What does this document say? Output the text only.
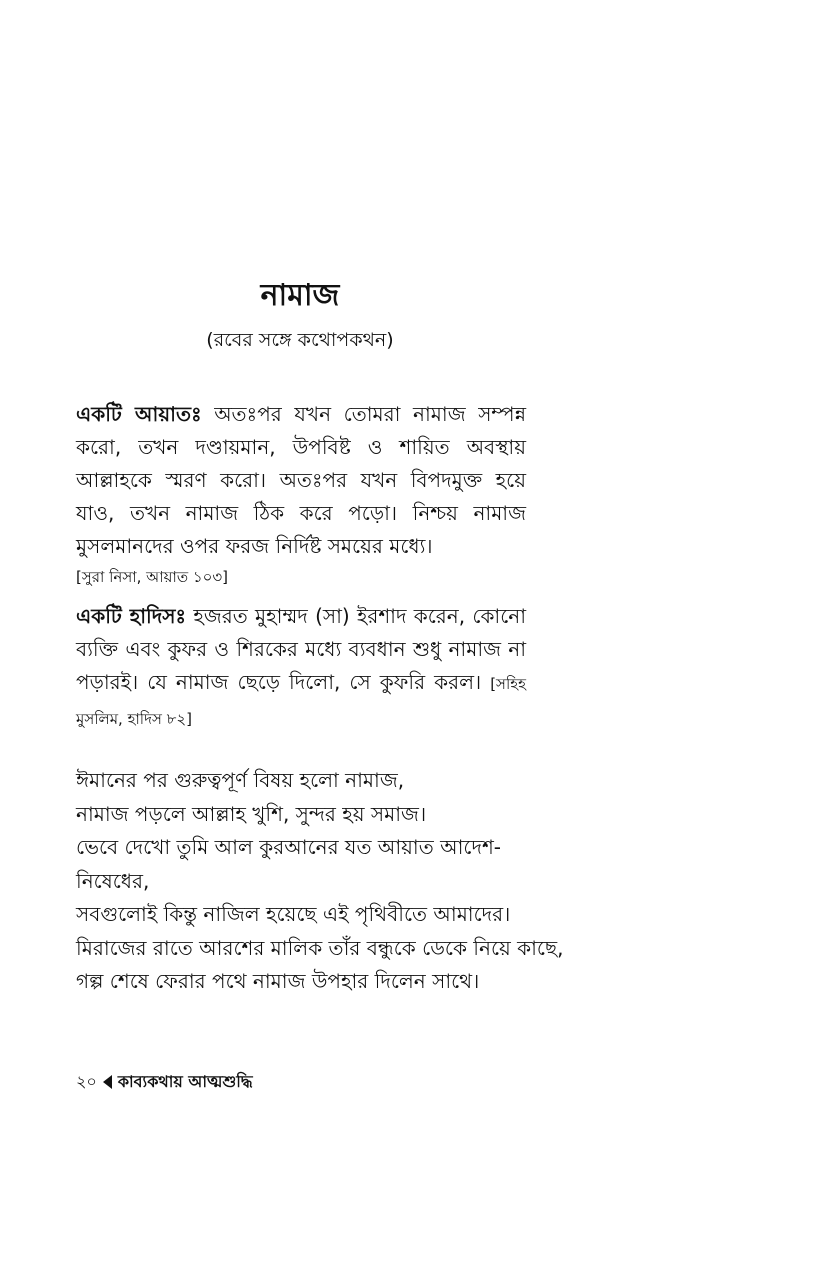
নামাজ
(রবের সঙ্গে কথোপকথন)
একটি আয়াতঃ অতঃপর যখন তোমরা নামাজ সম্পন্ন করো, তখন দণ্ডায়মান, উপবিষ্ট ও শায়িত অবস্থায় আল্লাহকে স্মরণ করো। অতঃপর যখন বিপদমুক্ত হয়ে যাও, তখন নামাজ ঠিক করে পড়ো। নিশ্চয় নামাজ মুসলমানদের ওপর ফরজ নির্দিষ্ট সময়ের মধ্যে।
[সুরা নিসা, আয়াত ১০৩]
একটি হাদিসঃ হজরত মুহাম্মদ (সা) ইরশাদ করেন, কোনো ব্যক্তি এবং কুফর ও শিরকের মধ্যে ব্যবধান শুধু নামাজ না পড়ারই। যে নামাজ ছেড়ে দিলো, সে কুফরি করল। [সহিহ মুসলিম, হাদিস ৮২]
ঈমানের পর গুরুত্বপূর্ণ বিষয় হলো নামাজ,
নামাজ পড়লে আল্লাহ খুশি, সুন্দর হয় সমাজ।
ভেবে দেখো তুমি আল কুরআনের যত আয়াত আদেশ-নিষেধের,
সবগুলোই কিন্তু নাজিল হয়েছে এই পৃথিবীতে আমাদের।
মিরাজের রাতে আরশের মালিক তাঁর বন্ধুকে ডেকে নিয়ে কাছে,
গল্প শেষে ফেরার পথে নামাজ উপহার দিলেন সাথে।
২০ কাব্যকথায় আত্মশুদ্ধি
